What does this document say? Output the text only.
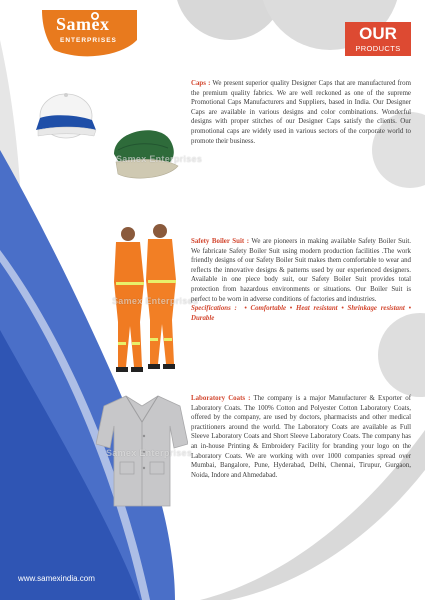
Samex
ENTERPRISES	OUR
PRODUCTS
Samex Enterprises
Samex Enterprises
Samex Enterprises
Caps : We present superior quality Designer Caps that are manufactured from the premium quality fabrics. We are well reckoned as one of the supreme Promotional Caps Manufacturers and Suppliers, based in India. Our Designer Caps are available in various designs and color combinations. Wonderful designs with proper stitches of our Designer Caps satisfy the clients. Our promotional caps are widely used in various sectors of the corporate world to promote their business.
Safety Boiler Suit : We are pioneers in making available Safety Boiler Suit. We fabricate Safety Boiler Suit using modern production facilities .The work friendly designs of our Safety Boiler Suit makes them comfortable to wear and reflects the innovative designs & patterns used by our experienced designers. Available in one piece body suit, our Safety Boiler Suit provides total protection from hazardous environments or situations. Our Boiler Suit is perfect to be worn in adverse conditions of factories and industries.
Specifications :  • Comfortable • Heat resistant • Shrinkage resistant • Durable
Laboratory Coats : The company is a major Manufacturer & Exporter of Laboratory Coats. The 100% Cotton and Polyester Cotton Laboratory Coats, offered by the company, are used by doctors, pharmacists and other medical practitioners around the world. The Laboratory Coats are available as Full Sleeve Laboratory Coats and Short Sleeve Laboratory Coats. The company has an in-house Printing & Embroidery Facility for branding your logo on the Laboratory Coats. We are working with over 1000 companies spread over Mumbai, Bangalore, Pune, Hyderabad, Delhi, Chennai, Tirupur, Gurgaon, Noida, Indore and Ahmedabad.
www.samexindia.com
